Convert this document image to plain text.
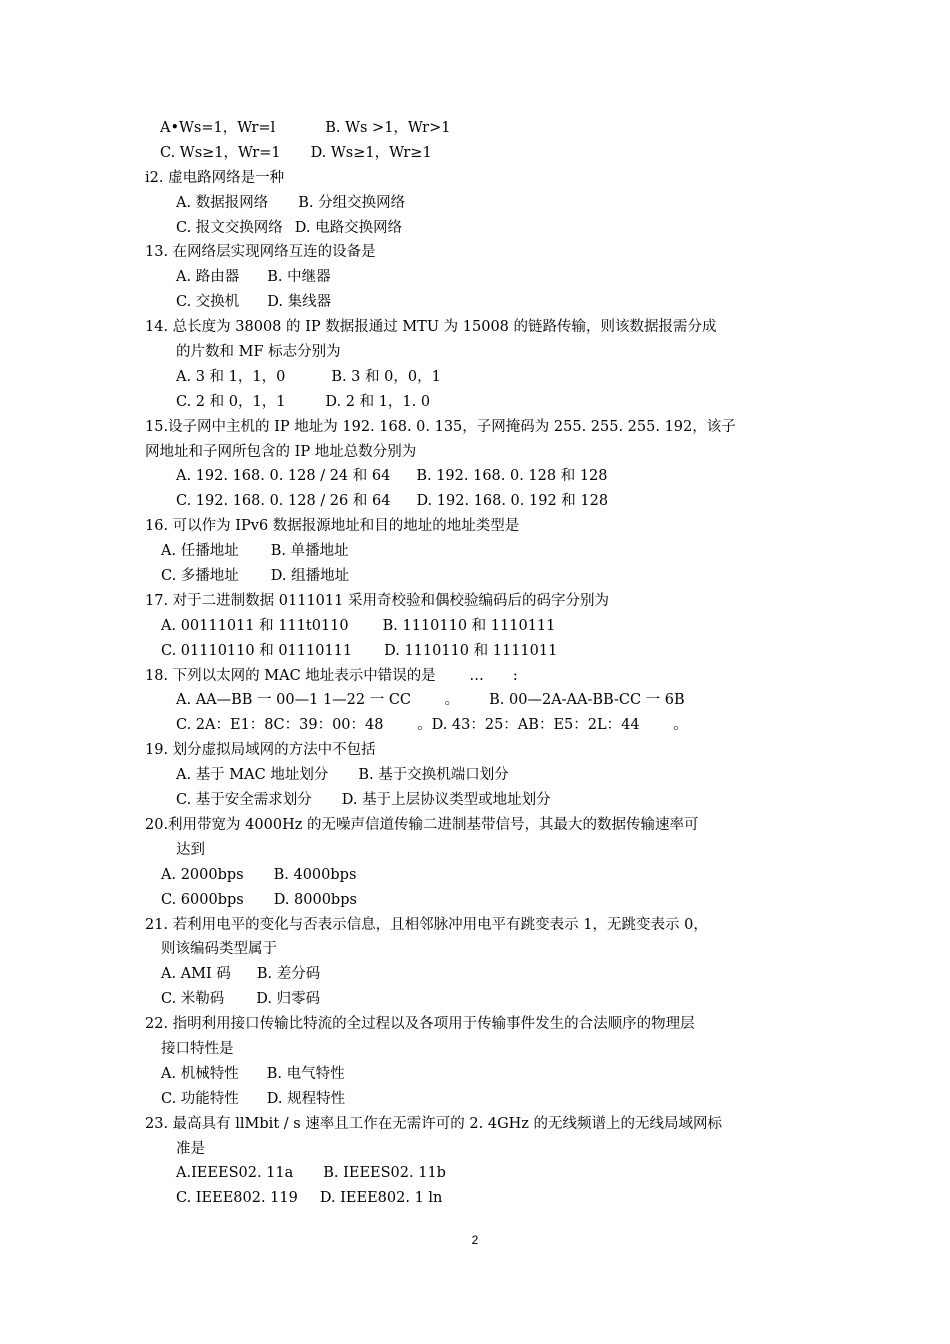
A•Ws=1，Wr=l	B. Ws >1，Wr>1
C. Ws≥1，Wr=1 D. Ws≥1，Wr≥1
i2. 虚电路网络是一种
A. 数据报网络 B. 分组交换网络
C. 报文交换网络 D. 电路交换网络
13. 在网络层实现网络互连的设备是
A. 路由器 B. 中继器
C. 交换机 D. 集线器
14. 总长度为 38008 的 IP 数据报通过 MTU 为 15008 的链路传输，则该数据报需分成
的片数和 MF 标志分别为
A. 3 和 1，1，0	B. 3 和 0，0，1
C. 2 和 0，1，1	D. 2 和 1，1. 0
15.设子网中主机的 IP 地址为 192. 168. 0. 135，子网掩码为 255. 255. 255. 192，该子
网地址和子网所包含的 IP 地址总数分别为
A. 192. 168. 0. 128 / 24 和 64 B. 192. 168. 0. 128 和 128
C. 192. 168. 0. 128 / 26 和 64 D. 192. 168. 0. 192 和 128
16. 可以作为 IPv6 数据报源地址和目的地址的地址类型是
A. 任播地址 B. 单播地址
C. 多播地址 D. 组播地址
17. 对于二进制数据 0111011 采用奇校验和偶校验编码后的码字分别为
A. 00111011 和 111t0110 B. 1110110 和 1110111
C. 01110110 和 01110111 D. 1110110 和 1111011
18. 下列以太网的 MAC 地址表示中错误的是　　 …　　:
A. AA—BB 一 00—1 1—22 一 CC　　 。 B. 00—2A-AA-BB-CC 一 6B
C. 2A：E1：8C：39：00：48　　 。D. 43：25：AB：E5：2L：44　　 。
19. 划分虚拟局域网的方法中不包括
A. 基于 MAC 地址划分 B. 基于交换机端口划分
C. 基于安全需求划分 D. 基于上层协议类型或地址划分
20.利用带宽为 4000Hz 的无噪声信道传输二进制基带信号，其最大的数据传输速率可
达到
A. 2000bps B. 4000bps
C. 6000bps D. 8000bps
21. 若利用电平的变化与否表示信息，且相邻脉冲用电平有跳变表示 1，无跳变表示 0，
则该编码类型属于
A. AMI 码 B. 差分码
C. 米勒码 D. 归零码
22. 指明利用接口传输比特流的全过程以及各项用于传输事件发生的合法顺序的物理层
接口特性是
A. 机械特性 B. 电气特性
C. 功能特性 D. 规程特性
23. 最高具有 llMbit / s 速率且工作在无需许可的 2. 4GHz 的无线频谱上的无线局域网标
准是
A.IEEES02. 11a B. IEEES02. 11b
C. IEEE802. 119 D. IEEE802. 1 ln
2
